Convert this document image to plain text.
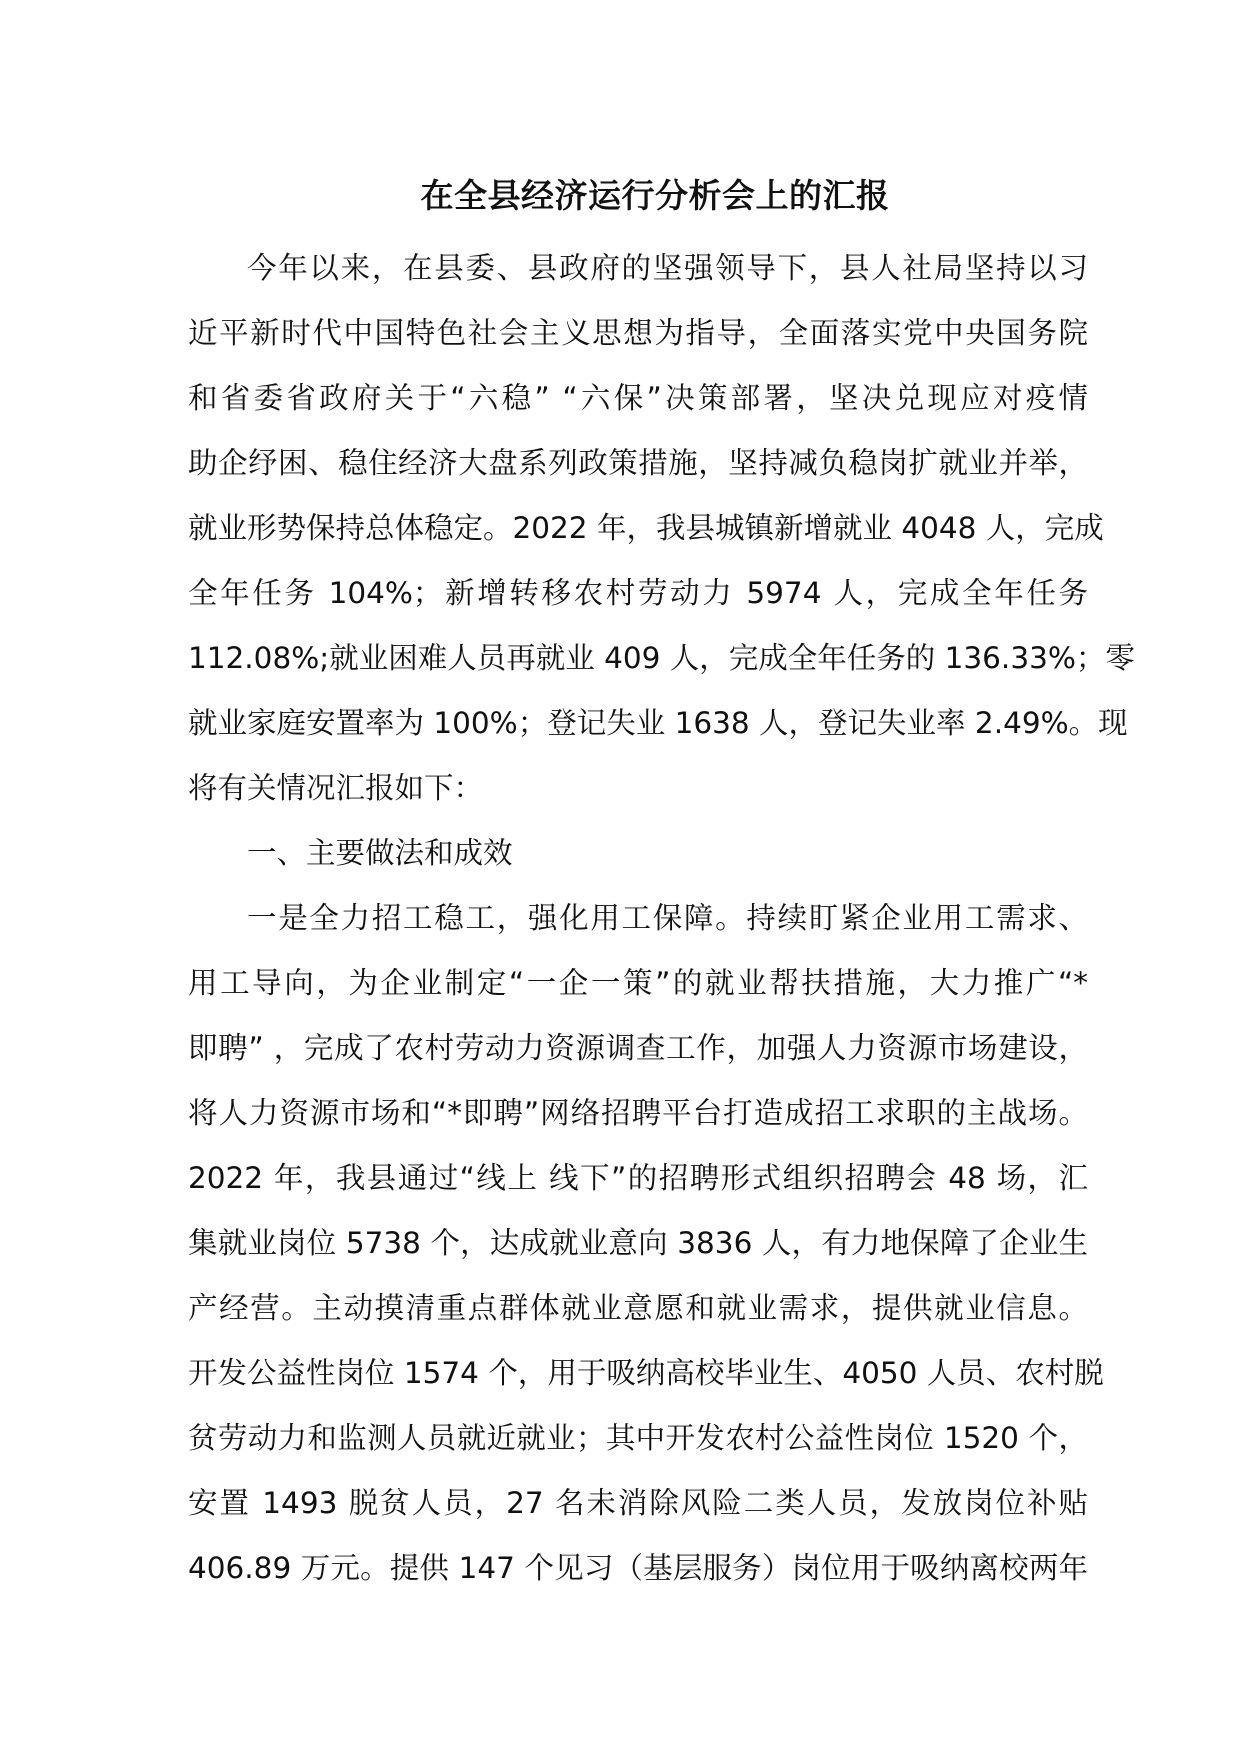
在全县经济运行分析会上的汇报
今年以来，在县委、县政府的坚强领导下，县人社局坚持以习
近平新时代中国特色社会主义思想为指导，全面落实党中央国务院
和省委省政府关于“六稳” “六保”决策部署，坚决兑现应对疫情
助企纾困、稳住经济大盘系列政策措施，坚持减负稳岗扩就业并举，
就业形势保持总体稳定。2022 年，我县城镇新增就业 4048 人，完成
全年任务 104%；新增转移农村劳动力 5974 人，完成全年任务
112.08%;就业困难人员再就业 409 人，完成全年任务的 136.33%；零
就业家庭安置率为 100%；登记失业 1638 人，登记失业率 2.49%。现
将有关情况汇报如下：
一、主要做法和成效
一是全力招工稳工，强化用工保障。持续盯紧企业用工需求、
用工导向，为企业制定“一企一策”的就业帮扶措施，大力推广“*
即聘” ，完成了农村劳动力资源调查工作，加强人力资源市场建设，
将人力资源市场和“*即聘”网络招聘平台打造成招工求职的主战场。
2022 年，我县通过“线上 线下”的招聘形式组织招聘会 48 场，汇
集就业岗位 5738 个，达成就业意向 3836 人，有力地保障了企业生
产经营。主动摸清重点群体就业意愿和就业需求，提供就业信息。
开发公益性岗位 1574 个，用于吸纳高校毕业生、4050 人员、农村脱
贫劳动力和监测人员就近就业；其中开发农村公益性岗位 1520 个，
安置 1493 脱贫人员，27 名未消除风险二类人员，发放岗位补贴
406.89 万元。提供 147 个见习（基层服务）岗位用于吸纳离校两年
